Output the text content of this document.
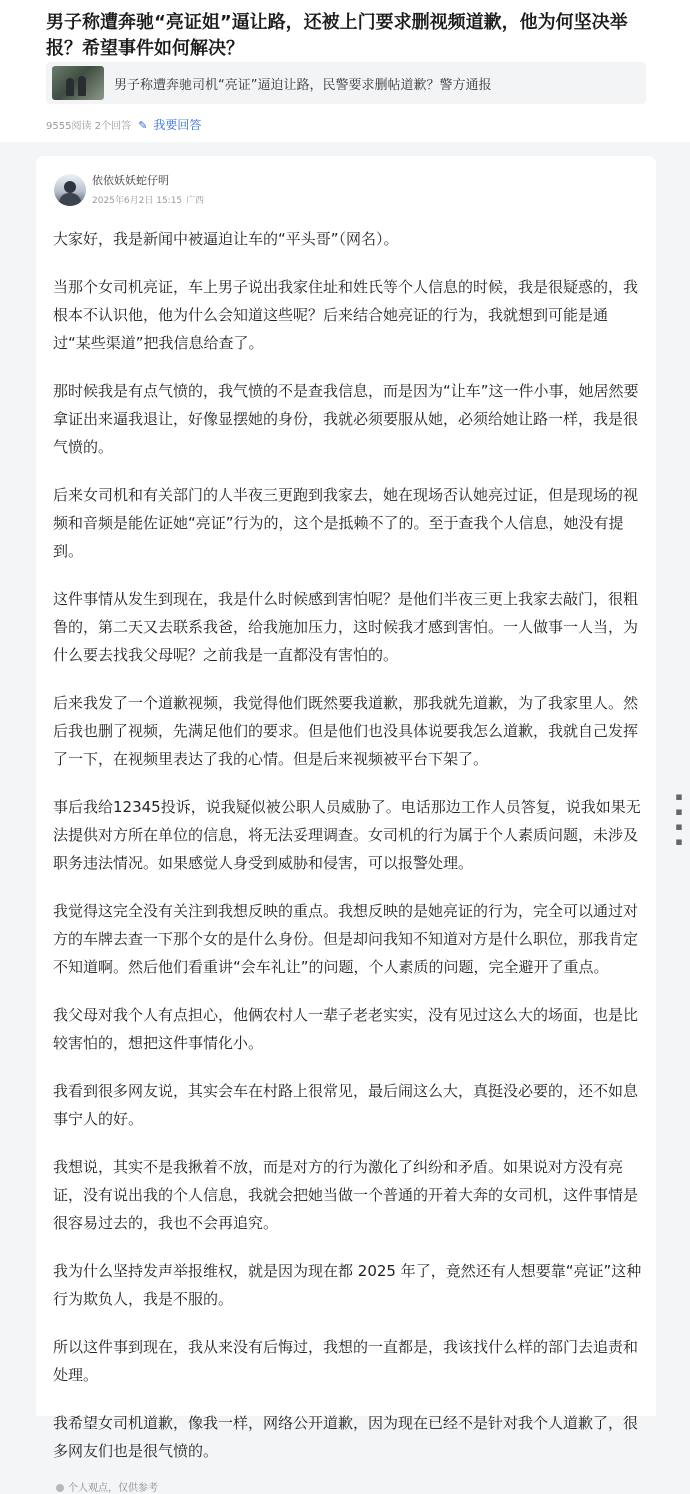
男子称遭奔驰“亮证姐”逼让路，还被上门要求删视频道歉，他为何坚决举报？希望事件如何解决？
男子称遭奔驰司机“亮证”逼迫让路，民警要求删帖道歉？警方通报
9555阅读 2个回答 ✎ 我要回答
依依妖妖蛇仔明
2025年6月2日 15:15 广西

大家好，我是新闻中被逼迫让车的“平头哥”（网名）。

当那个女司机亮证，车上男子说出我家住址和姓氏等个人信息的时候，我是很疑惑的，我根本不认识他，他为什么会知道这些呢？后来结合她亮证的行为，我就想到可能是通过“某些渠道”把我信息给查了。

那时候我是有点气愤的，我气愤的不是查我信息，而是因为“让车”这一件小事，她居然要拿证出来逼我退让，好像显摆她的身份，我就必须要服从她，必须给她让路一样，我是很气愤的。

后来女司机和有关部门的人半夜三更跑到我家去，她在现场否认她亮过证，但是现场的视频和音频是能佐证她“亮证”行为的，这个是抵赖不了的。至于查我个人信息，她没有提到。

这件事情从发生到现在，我是什么时候感到害怕呢？是他们半夜三更上我家去敲门，很粗鲁的，第二天又去联系我爸，给我施加压力，这时候我才感到害怕。一人做事一人当，为什么要去找我父母呢？之前我是一直都没有害怕的。

后来我发了一个道歉视频，我觉得他们既然要我道歉，那我就先道歉，为了我家里人。然后我也删了视频，先满足他们的要求。但是他们也没具体说要我怎么道歉，我就自己发挥了一下，在视频里表达了我的心情。但是后来视频被平台下架了。

事后我给12345投诉，说我疑似被公职人员威胁了。电话那边工作人员答复，说我如果无法提供对方所在单位的信息，将无法妥理调查。女司机的行为属于个人素质问题，未涉及职务违法情况。如果感觉人身受到威胁和侵害，可以报警处理。

我觉得这完全没有关注到我想反映的重点。我想反映的是她亮证的行为，完全可以通过对方的车牌去查一下那个女的是什么身份。但是却问我知不知道对方是什么职位，那我肯定不知道啊。然后他们看重讲“会车礼让”的问题，个人素质的问题，完全避开了重点。

我父母对我个人有点担心，他俩农村人一辈子老老实实，没有见过这么大的场面，也是比较害怕的，想把这件事情化小。

我看到很多网友说，其实会车在村路上很常见，最后闹这么大，真挺没必要的，还不如息事宁人的好。

我想说，其实不是我揪着不放，而是对方的行为激化了纠纷和矛盾。如果说对方没有亮证，没有说出我的个人信息，我就会把她当做一个普通的开着大奔的女司机，这件事情是很容易过去的，我也不会再追究。

我为什么坚持发声举报维权，就是因为现在都 2025 年了，竟然还有人想要靠“亮证”这种行为欺负人，我是不服的。

所以这件事到现在，我从来没有后悔过，我想的一直都是，我该找什么样的部门去追责和处理。

我希望女司机道歉，像我一样，网络公开道歉，因为现在已经不是针对我个人道歉了，很多网友们也是很气愤的。

个人观点，仅供参考
▪
▪
▪
▪
